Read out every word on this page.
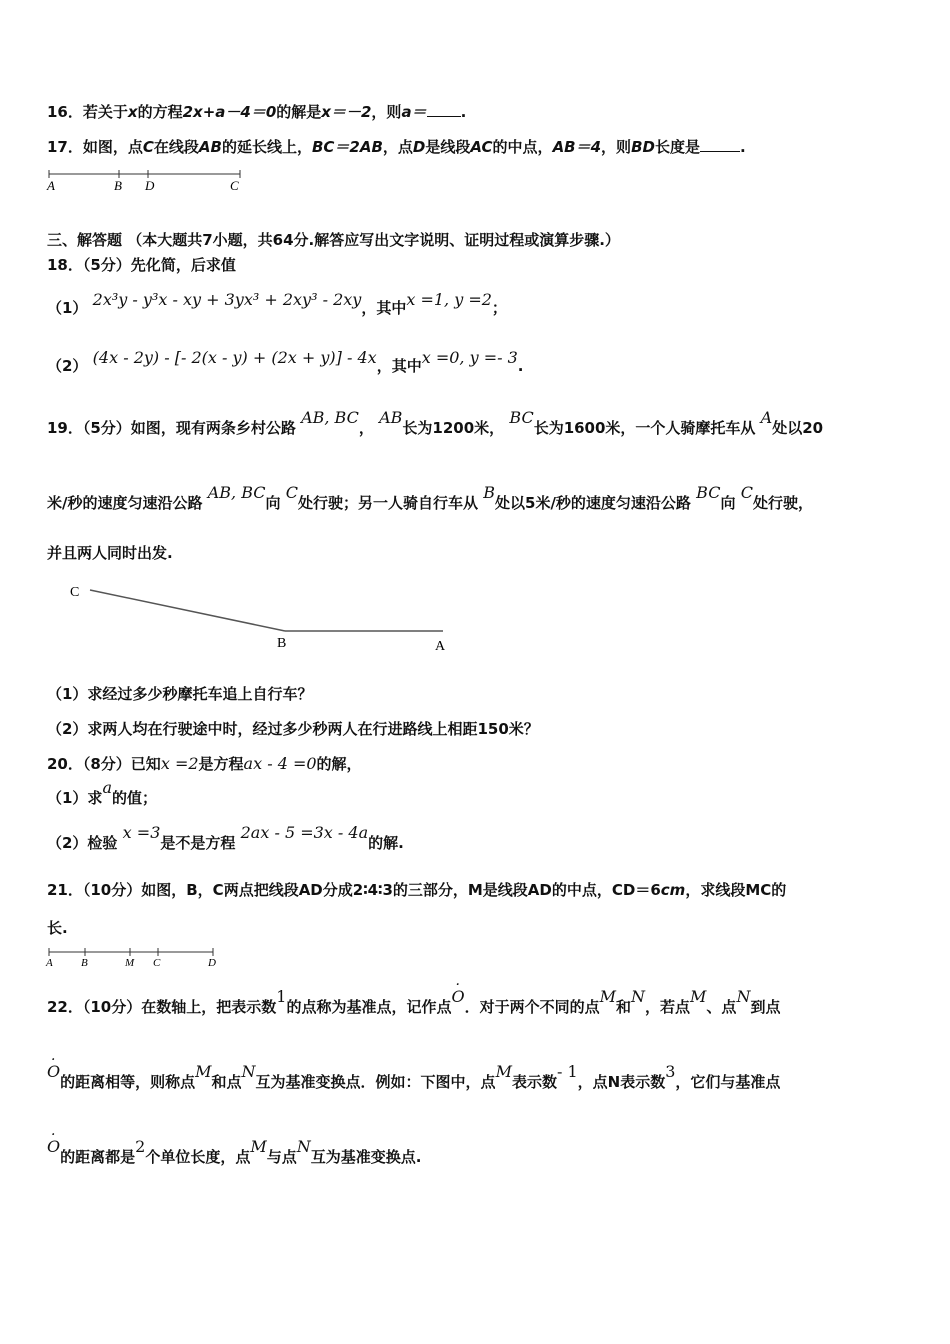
16．若关于x的方程2x+a－4＝0的解是x＝－2，则a＝ .
17．如图，点C在线段AB的延长线上，BC＝2AB，点D是线段AC的中点，AB＝4，则BD长度是	.
A	B D	C
三、解答题 （本大题共7小题，共64分.解答应写出文字说明、证明过程或演算步骤.）
18．（5分）先化简，后求值
（1） 2x³y - y³x - xy + 3yx³ + 2xy³ - 2xy，其中x =1, y =2；
（2） (4x - 2y) - [- 2(x - y) + (2x + y)] - 4x，其中x =0, y =- 3.
19．（5分）如图，现有两条乡村公路 AB, BC， AB长为1200米， BC长为1600米，一个人骑摩托车从 A处以20
米/秒的速度匀速沿公路 AB, BC向 C处行驶；另一人骑自行车从 B处以5米/秒的速度匀速沿公路 BC向 C处行驶，
并且两人同时出发.
C
B	A
（1）求经过多少秒摩托车追上自行车？
（2）求两人均在行驶途中时，经过多少秒两人在行进路线上相距150米？
20．（8分）已知x =2是方程ax - 4 =0的解，
（1）求a的值；
（2）检验 x =3是不是方程 2ax - 5 =3x - 4a的解.
21．（10分）如图，B，C两点把线段AD分成2∶4∶3的三部分，M是线段AD的中点，CD＝6cm，求线段MC的
长.
A	B	M C	D
22．（10分）在数轴上，把表示数1的点称为基准点，记作点· O．对于两个不同的点M和N，若点M、点N到点
· O的距离相等，则称点M和点N互为基准变换点．例如：下图中，点M表示数- 1，点N表示数3，它们与基准点
· O的距离都是2个单位长度，点M与点N互为基准变换点.
